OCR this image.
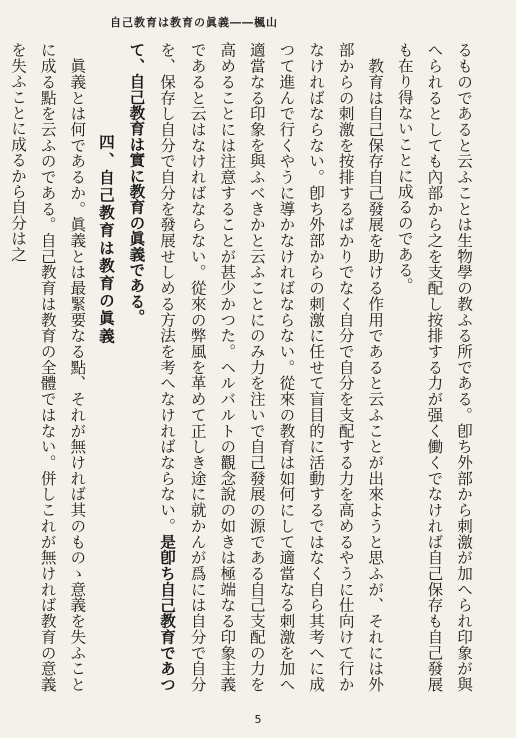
自己教育は教育の眞義――楓山

るものであると云ふことは生物學の教ふる所である。卽ち外部から刺激が加へられ印象が與へられるとしても內部から之を支配し按排する力が强く働くでなければ自己保存も自己發展も在り得ないことに成るのである。

　教育は自己保存自己發展を助ける作用であると云ふことが出來ようと思ふが、それには外部からの刺激を按排するばかりでなく自分で自分を支配する力を高めるやうに仕向けて行かなければならない。卽ち外部からの刺激に任せて盲目的に活動するではなく自ら其考へに成つて進んで行くやうに導かなければならない。從來の教育は如何にして適當なる刺激を加へ適當なる印象を與ふべきかと云ふことにのみ力を注いで自己發展の源である自己支配の力を高めることには注意することが甚少かつた。ヘルバルトの觀念說の如きは極端なる印象主義であると云はなければならない。從來の弊風を革めて正しき途に就かんが爲には自分で自分を、保存し自分で自分を發展せしめる方法を考へなければならない。是卽ち自己教育であつて、自己教育は實に教育の眞義である。

四、自己教育は教育の眞義

　眞義とは何であるか。眞義とは最緊要なる點、それが無ければ其のものゝ意義を失ふことに成る點を云ふのである。自己教育は教育の全體ではない。併しこれが無ければ教育の意義を失ふことに成るから自分は之

5
